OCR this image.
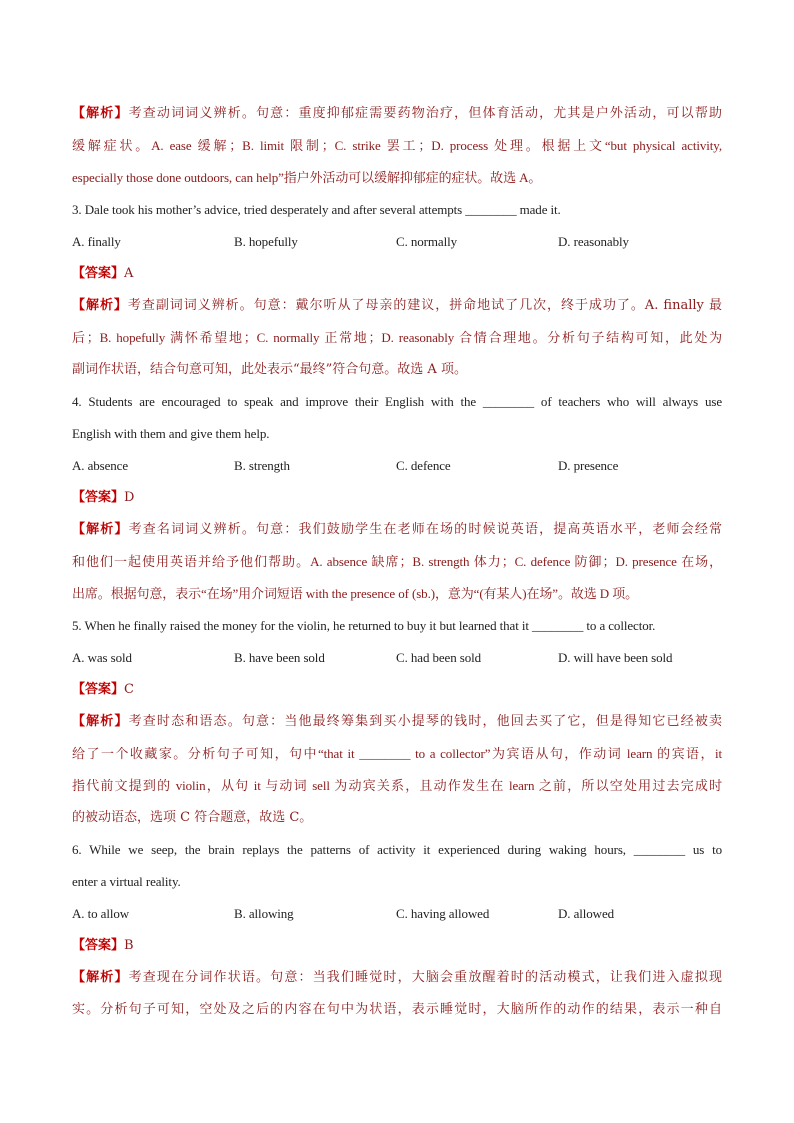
【解析】考查动词词义辨析。句意：重度抑郁症需要药物治疗，但体育活动，尤其是户外活动，可以帮助
缓解症状。A. ease 缓解；B. limit 限制；C. strike 罢工；D. process 处理。根据上文“but physical activity,
especially those done outdoors, can help”指户外活动可以缓解抑郁症的症状。故选 A。
3. Dale took his mother’s advice, tried desperately and after several attempts ________ made it.
A. finally	B. hopefully	C. normally	D. reasonably
【答案】A
【解析】考查副词词义辨析。句意：戴尔听从了母亲的建议，拼命地试了几次，终于成功了。A. finally 最
后；B. hopefully 满怀希望地；C. normally 正常地；D. reasonably 合情合理地。分析句子结构可知，此处为
副词作状语，结合句意可知，此处表示“最终”符合句意。故选 A 项。
4. Students are encouraged to speak and improve their English with the ________ of teachers who will always use
English with them and give them help.
A. absence	B. strength	C. defence	D. presence
【答案】D
【解析】考查名词词义辨析。句意：我们鼓励学生在老师在场的时候说英语，提高英语水平，老师会经常
和他们一起使用英语并给予他们帮助。A. absence 缺席；B. strength 体力；C. defence 防御；D. presence 在场，
出席。根据句意，表示“在场”用介词短语 with the presence of (sb.)，意为“(有某人)在场”。故选 D 项。
5. When he finally raised the money for the violin, he returned to buy it but learned that it ________ to a collector.
A. was sold	B. have been sold	C. had been sold	D. will have been sold
【答案】C
【解析】考查时态和语态。句意：当他最终筹集到买小提琴的钱时，他回去买了它，但是得知它已经被卖
给了一个收藏家。分析句子可知，句中“that it ________ to a collector”为宾语从句，作动词 learn 的宾语，it
指代前文提到的 violin，从句 it 与动词 sell 为动宾关系，且动作发生在 learn 之前，所以空处用过去完成时
的被动语态，选项 C 符合题意，故选 C。
6. While we seep, the brain replays the patterns of activity it experienced during waking hours, ________ us to
enter a virtual reality.
A. to allow	B. allowing	C. having allowed	D. allowed
【答案】B
【解析】考查现在分词作状语。句意：当我们睡觉时，大脑会重放醒着时的活动模式，让我们进入虚拟现
实。分析句子可知，空处及之后的内容在句中为状语，表示睡觉时，大脑所作的动作的结果，表示一种自
